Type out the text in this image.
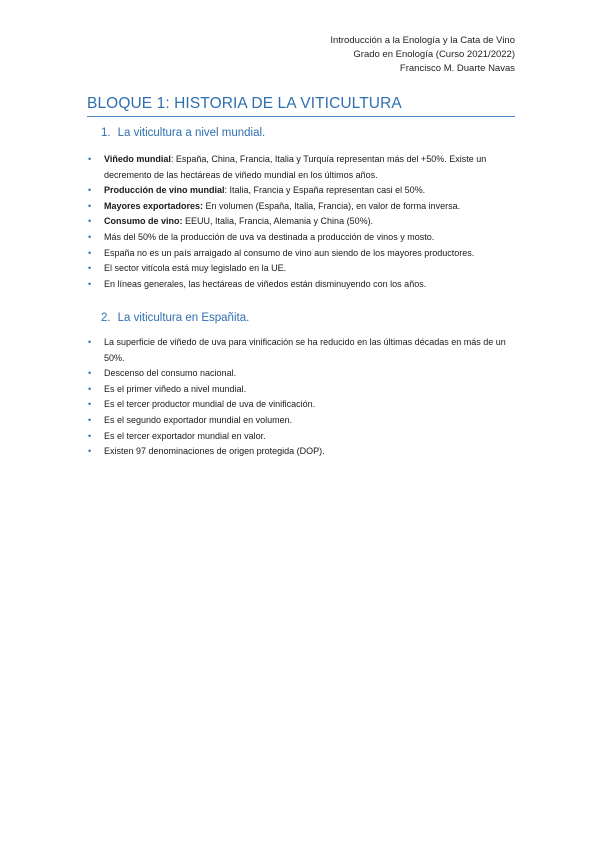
Introducción a la Enología y la Cata de Vino
Grado en Enología (Curso 2021/2022)
Francisco M. Duarte Navas
BLOQUE 1: HISTORIA DE LA VITICULTURA
1. La viticultura a nivel mundial.
• Viñedo mundial: España, China, Francia, Italia y Turquía representan más del +50%. Existe un decremento de las hectáreas de viñedo mundial en los últimos años.
• Producción de vino mundial: Italia, Francia y España representan casi el 50%.
• Mayores exportadores: En volumen (España, Italia, Francia), en valor de forma inversa.
• Consumo de vino: EEUU, Italia, Francia, Alemania y China (50%).
• Más del 50% de la producción de uva va destinada a producción de vinos y mosto.
• España no es un país arraigado al consumo de vino aun siendo de los mayores productores.
• El sector vitícola está muy legislado en la UE.
• En líneas generales, las hectáreas de viñedos están disminuyendo con los años.
2. La viticultura en Españita.
• La superficie de viñedo de uva para vinificación se ha reducido en las últimas décadas en más de un 50%.
• Descenso del consumo nacional.
• Es el primer viñedo a nivel mundial.
• Es el tercer productor mundial de uva de vinificación.
• Es el segundo exportador mundial en volumen.
• Es el tercer exportador mundial en valor.
• Existen 97 denominaciones de origen protegida (DOP).
